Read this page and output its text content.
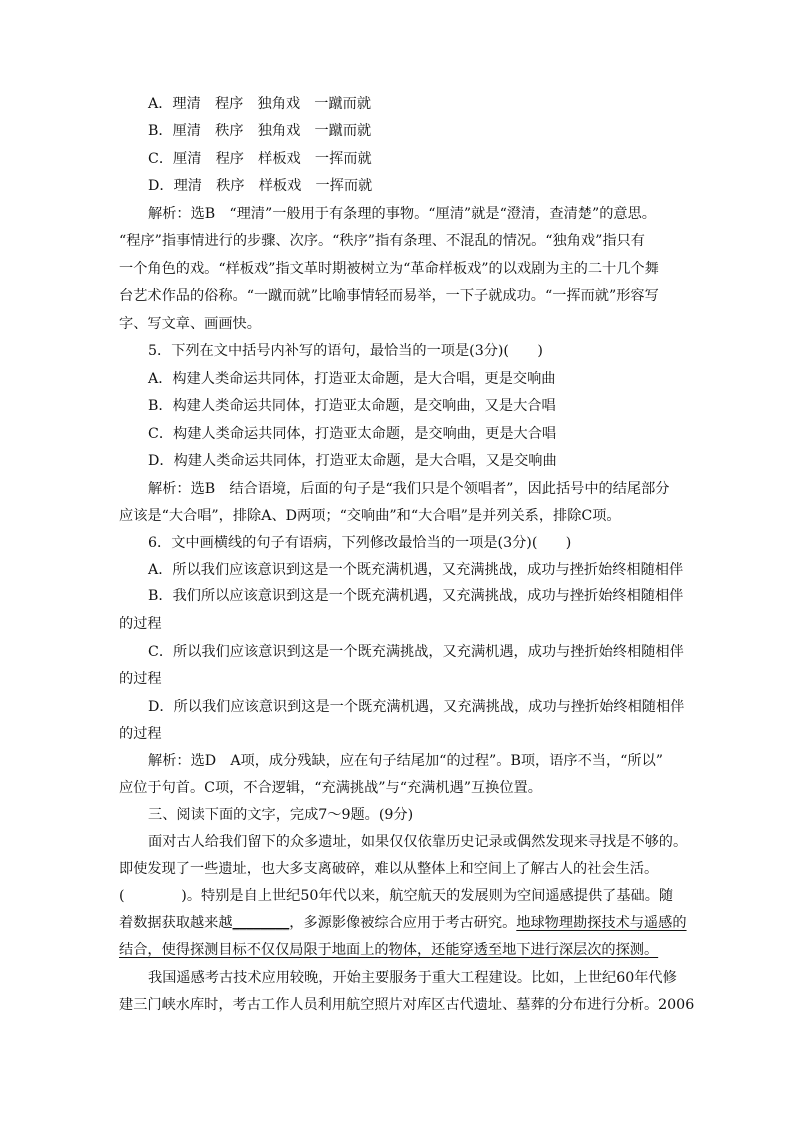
A．理清　程序　独角戏　一蹴而就
B．厘清　秩序　独角戏　一蹴而就
C．厘清　程序　样板戏　一挥而就
D．理清　秩序　样板戏　一挥而就
解析：选B　“理清”一般用于有条理的事物。“厘清”就是“澄清，查清楚”的意思。
“程序”指事情进行的步骤、次序。“秩序”指有条理、不混乱的情况。“独角戏”指只有
一个角色的戏。“样板戏”指文革时期被树立为“革命样板戏”的以戏剧为主的二十几个舞
台艺术作品的俗称。“一蹴而就”比喻事情轻而易举，一下子就成功。“一挥而就”形容写
字、写文章、画画快。
5．下列在文中括号内补写的语句，最恰当的一项是(3分)(　　)
A．构建人类命运共同体，打造亚太命题，是大合唱，更是交响曲
B．构建人类命运共同体，打造亚太命题，是交响曲，又是大合唱
C．构建人类命运共同体，打造亚太命题，是交响曲，更是大合唱
D．构建人类命运共同体，打造亚太命题，是大合唱，又是交响曲
解析：选B　结合语境，后面的句子是“我们只是个领唱者”，因此括号中的结尾部分
应该是“大合唱”，排除A、D两项；“交响曲”和“大合唱”是并列关系，排除C项。
6．文中画横线的句子有语病，下列修改最恰当的一项是(3分)(　　)
A．所以我们应该意识到这是一个既充满机遇，又充满挑战，成功与挫折始终相随相伴
B．我们所以应该意识到这是一个既充满机遇，又充满挑战，成功与挫折始终相随相伴
的过程
C．所以我们应该意识到这是一个既充满挑战，又充满机遇，成功与挫折始终相随相伴
的过程
D．所以我们应该意识到这是一个既充满机遇，又充满挑战，成功与挫折始终相随相伴
的过程
解析：选D　A项，成分残缺，应在句子结尾加“的过程”。B项，语序不当，“所以”
应位于句首。C项，不合逻辑，“充满挑战”与“充满机遇”互换位置。
三、阅读下面的文字，完成7～9题。(9分)
面对古人给我们留下的众多遗址，如果仅仅依靠历史记录或偶然发现来寻找是不够的。
即使发现了一些遗址，也大多支离破碎，难以从整体上和空间上了解古人的社会生活。
(　　　　)。特别是自上世纪50年代以来，航空航天的发展则为空间遥感提供了基础。随
着数据获取越来越________，多源影像被综合应用于考古研究。地球物理勘探技术与遥感的
结合，使得探测目标不仅仅局限于地面上的物体，还能穿透至地下进行深层次的探测。
我国遥感考古技术应用较晚，开始主要服务于重大工程建设。比如，上世纪60年代修
建三门峡水库时，考古工作人员利用航空照片对库区古代遗址、墓葬的分布进行分析。2006
